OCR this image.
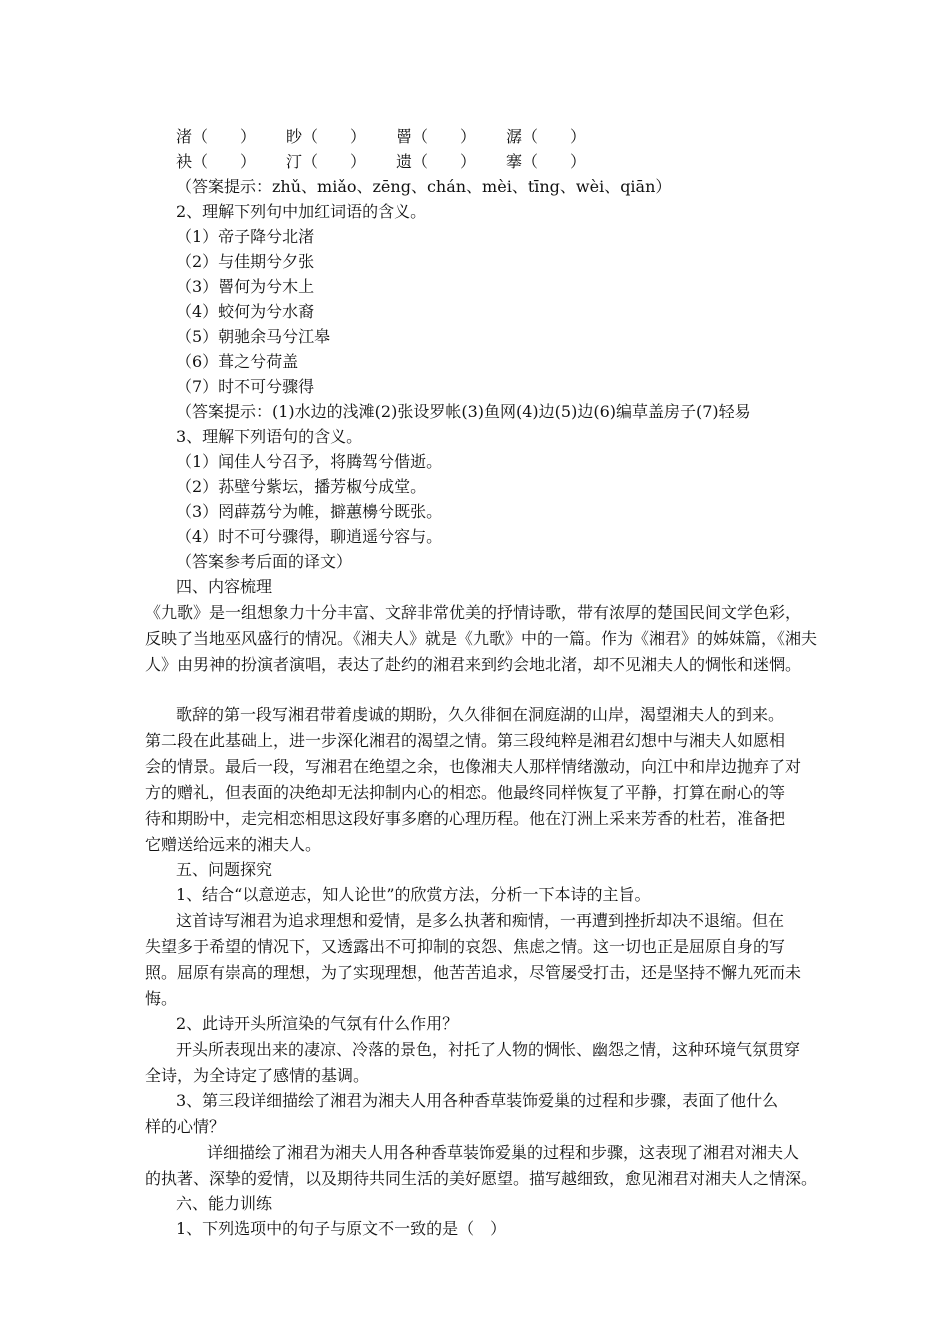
渚（　　） 眇（　　） 罾（　　） 潺（　　）
袂（　　） 汀（　　） 遗（　　） 搴（　　）
（答案提示：zhǔ、miǎo、zēng、chán、mèi、tīng、wèi、qiān）
2、理解下列句中加红词语的含义。
（1）帝子降兮北渚
（2）与佳期兮夕张
（3）罾何为兮木上
（4）蛟何为兮水裔
（5）朝驰余马兮江皋
（6）葺之兮荷盖
（7）时不可兮骤得
（答案提示：(1)水边的浅滩(2)张设罗帐(3)鱼网(4)边(5)边(6)编草盖房子(7)轻易
3、理解下列语句的含义。
（1）闻佳人兮召予，将腾驾兮偕逝。
（2）荪壁兮紫坛，播芳椒兮成堂。
（3）罔薜荔兮为帷，擗蕙櫋兮既张。
（4）时不可兮骤得，聊逍遥兮容与。
（答案参考后面的译文）
四、内容梳理
《九歌》是一组想象力十分丰富、文辞非常优美的抒情诗歌，带有浓厚的楚国民间文学色彩，
反映了当地巫风盛行的情况。《湘夫人》就是《九歌》中的一篇。作为《湘君》的姊妹篇，《湘夫
人》由男神的扮演者演唱，表达了赴约的湘君来到约会地北渚，却不见湘夫人的惆怅和迷惘。
歌辞的第一段写湘君带着虔诚的期盼，久久徘徊在洞庭湖的山岸，渴望湘夫人的到来。
第二段在此基础上，进一步深化湘君的渴望之情。第三段纯粹是湘君幻想中与湘夫人如愿相
会的情景。最后一段，写湘君在绝望之余，也像湘夫人那样情绪激动，向江中和岸边抛弃了对
方的赠礼，但表面的决绝却无法抑制内心的相恋。他最终同样恢复了平静，打算在耐心的等
待和期盼中，走完相恋相思这段好事多磨的心理历程。他在汀洲上采来芳香的杜若，准备把
它赠送给远来的湘夫人。
五、问题探究
1、结合“以意逆志，知人论世”的欣赏方法，分析一下本诗的主旨。
这首诗写湘君为追求理想和爱情，是多么执著和痴情，一再遭到挫折却决不退缩。但在
失望多于希望的情况下，又透露出不可抑制的哀怨、焦虑之情。这一切也正是屈原自身的写
照。屈原有崇高的理想，为了实现理想，他苦苦追求，尽管屡受打击，还是坚持不懈九死而未
悔。
2、此诗开头所渲染的气氛有什么作用？
开头所表现出来的凄凉、冷落的景色，衬托了人物的惆怅、幽怨之情，这种环境气氛贯穿
全诗，为全诗定了感情的基调。
3、第三段详细描绘了湘君为湘夫人用各种香草装饰爱巢的过程和步骤，表面了他什么
样的心情？
详细描绘了湘君为湘夫人用各种香草装饰爱巢的过程和步骤，这表现了湘君对湘夫人
的执著、深挚的爱情，以及期待共同生活的美好愿望。描写越细致，愈见湘君对湘夫人之情深。
六、能力训练
1、下列选项中的句子与原文不一致的是（　）
